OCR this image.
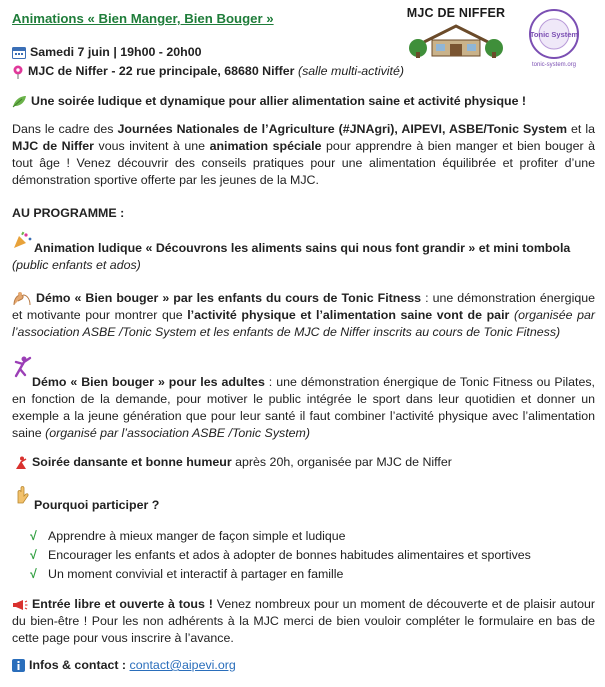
Animations « Bien Manger, Bien Bouger »	MJC DE NIFFER
Tonic System
tonic-system.org
Samedi 7 juin | 19h00 - 20h00
MJC de Niffer - 22 rue principale, 68680 Niffer (salle multi-activité)
Une soirée ludique et dynamique pour allier alimentation saine et activité physique !
Dans le cadre des Journées Nationales de l’Agriculture (#JNAgri), AIPEVI, ASBE/Tonic System et la MJC de Niffer vous invitent à une animation spéciale pour apprendre à bien manger et bien bouger à tout âge ! Venez découvrir des conseils pratiques pour une alimentation équilibrée et profiter d’une démonstration sportive offerte par les jeunes de la MJC.
AU PROGRAMME :
Animation ludique « Découvrons les aliments sains qui nous font grandir » et mini tombola
(public enfants et ados)
Démo « Bien bouger » par les enfants du cours de Tonic Fitness : une démonstration énergique et motivante pour montrer que l’activité physique et l’alimentation saine vont de pair (organisée par l’association ASBE /Tonic System et les enfants de MJC de Niffer inscrits au cours de Tonic Fitness)
Démo « Bien bouger » pour les adultes : une démonstration énergique de Tonic Fitness ou Pilates, en fonction de la demande, pour motiver le public intégrée le sport dans leur quotidien et donner un exemple a la jeune génération que pour leur santé il faut combiner l’activité physique avec l’alimentation saine (organisé par l’association ASBE /Tonic System)
Soirée dansante et bonne humeur après 20h, organisée par MJC de Niffer
Pourquoi participer ?
√ Apprendre à mieux manger de façon simple et ludique
√ Encourager les enfants et ados à adopter de bonnes habitudes alimentaires et sportives
√ Un moment convivial et interactif à partager en famille
Entrée libre et ouverte à tous ! Venez nombreux pour un moment de découverte et de plaisir autour du bien-être ! Pour les non adhérents à la MJC merci de bien vouloir compléter le formulaire en bas de cette page pour vous inscrire à l’avance.
Infos & contact : contact@aipevi.org
